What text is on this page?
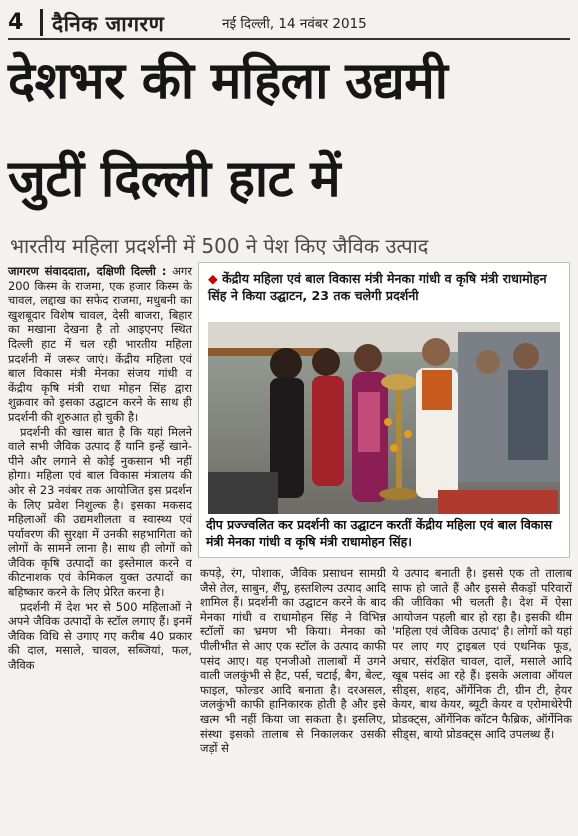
4 दैनिक जागरण	नई दिल्ली, 14 नवंबर 2015
देशभर की महिला उद्यमी
जुटीं दिल्ली हाट में
भारतीय महिला प्रदर्शनी में 500 ने पेश किए जैविक उत्पाद

जागरण संवाददाता, दक्षिणी दिल्ली : अगर 200 किस्म के राजमा, एक हजार किस्म के चावल, लद्दाख का सफेद राजमा, मधुबनी का खुशबूदार विशेष चावल, देसी बाजरा, बिहार का मखाना देखना है तो आइएनए स्थित दिल्ली हाट में चल रही भारतीय महिला प्रदर्शनी में जरूर जाएं। केंद्रीय महिला एवं बाल विकास मंत्री मेनका संजय गांधी व केंद्रीय कृषि मंत्री राधा मोहन सिंह द्वारा शुक्रवार को इसका उद्घाटन करने के साथ ही प्रदर्शनी की शुरुआत हो चुकी है।

प्रदर्शनी की खास बात है कि यहां मिलने वाले सभी जैविक उत्पाद हैं यानि इन्हें खाने-पीने और लगाने से कोई नुकसान भी नहीं होगा। महिला एवं बाल विकास मंत्रालय की ओर से 23 नवंबर तक आयोजित इस प्रदर्शन के लिए प्रवेश निशुल्क है। इसका मकसद महिलाओं की उद्यमशीलता व स्वास्थ्य एवं पर्यावरण की सुरक्षा में उनकी सहभागिता को लोगों के सामने लाना है। साथ ही लोगों को जैविक कृषि उत्पादों का इस्तेमाल करने व कीटनाशक एवं केमिकल युक्त उत्पादों का बहिष्कार करने के लिए प्रेरित करना है।

प्रदर्शनी में देश भर से 500 महिलाओं ने अपने जैविक उत्पादों के स्टॉल लगाए हैं। इनमें जैविक विधि से उगाए गए करीब 40 प्रकार की दाल, मसाले, चावल, सब्जियां, फल, जैविक

◆ केंद्रीय महिला एवं बाल विकास मंत्री मेनका गांधी व कृषि मंत्री राधामोहन सिंह ने किया उद्घाटन, 23 तक चलेगी प्रदर्शनी
दीप प्रज्ज्वलित कर प्रदर्शनी का उद्घाटन करतीं केंद्रीय महिला एवं बाल विकास मंत्री मेनका गांधी व कृषि मंत्री राधामोहन सिंह।

कपड़े, रंग, पोशाक, जैविक प्रसाधन सामग्री जैसे तेल, साबुन, शैंपू, हस्तशिल्प उत्पाद आदि शामिल हैं। प्रदर्शनी का उद्घाटन करने के बाद मेनका गांधी व राधामोहन सिंह ने विभिन्न स्टॉलों का भ्रमण भी किया। मेनका को पीलीभीत से आए एक स्टॉल के उत्पाद काफी पसंद आए। यह एनजीओ तालाबों में उगने वाली जलकुंभी से हैट, पर्स, चटाई, बैग, बेल्ट, फाइल, फोल्डर आदि बनाता है। दरअसल, जलकुंभी काफी हानिकारक होती है और इसे खत्म भी नहीं किया जा सकता है। इसलिए, संस्था इसको तालाब से निकालकर उसकी जड़ों से

ये उत्पाद बनाती है। इससे एक तो तालाब साफ हो जाते हैं और इससे सैकड़ों परिवारों की जीविका भी चलती है। देश में ऐसा आयोजन पहली बार हो रहा है। इसकी थीम 'महिला एवं जैविक उत्पाद' है। लोगों को यहां पर लाए गए ट्राइबल एवं एथनिक फूड, अचार, संरक्षित चावल, दालें, मसाले आदि खूब पसंद आ रहे हैं। इसके अलावा ऑयल सीड्स, शहद, ऑर्गेनिक टी, ग्रीन टी, हेयर केयर, बाथ केयर, ब्यूटी केयर व एरोमाथेरेपी प्रोडक्ट्स, ऑर्गेनिक कॉटन फैब्रिक, ऑर्गेनिक सीड्स, बायो प्रोडक्ट्स आदि उपलब्ध हैं।
